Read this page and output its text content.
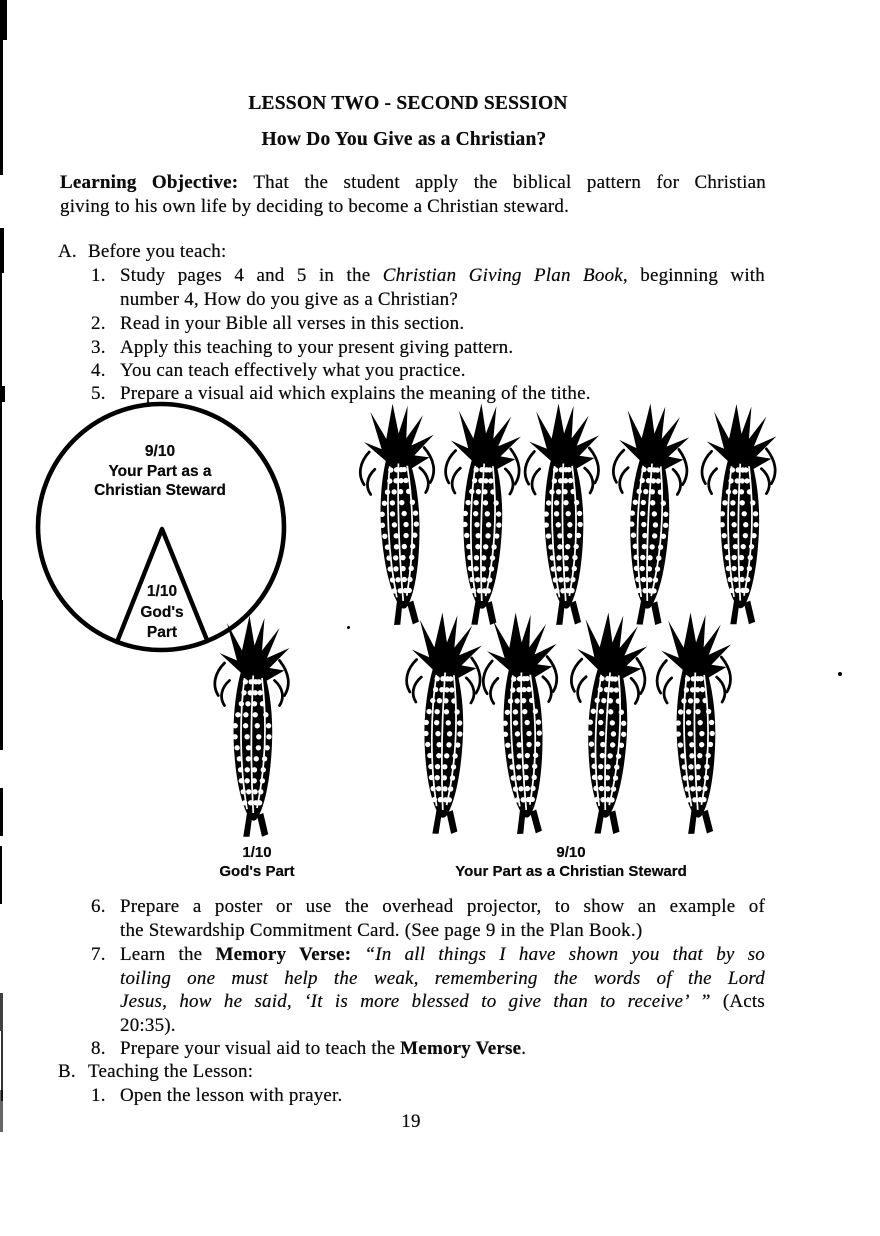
LESSON TWO - SECOND SESSION
How Do You Give as a Christian?
Learning Objective: That the student apply the biblical pattern for Christian
giving to his own life by deciding to become a Christian steward.
A. Before you teach:
1. Study pages 4 and 5 in the Christian Giving Plan Book, beginning with
number 4, How do you give as a Christian?
2. Read in your Bible all verses in this section.
3. Apply this teaching to your present giving pattern.
4. You can teach effectively what you practice.
5. Prepare a visual aid which explains the meaning of the tithe.
9/10
Your Part as a
Christian Steward
1/10
God's
Part
1/10
God's Part
9/10
Your Part as a Christian Steward
6. Prepare a poster or use the overhead projector, to show an example of
the Stewardship Commitment Card. (See page 9 in the Plan Book.)
7. Learn the Memory Verse: “In all things I have shown you that by so
toiling one must help the weak, remembering the words of the Lord
Jesus, how he said, ‘It is more blessed to give than to receive’ ” (Acts
20:35).
8. Prepare your visual aid to teach the Memory Verse.
B. Teaching the Lesson:
1. Open the lesson with prayer.
19
